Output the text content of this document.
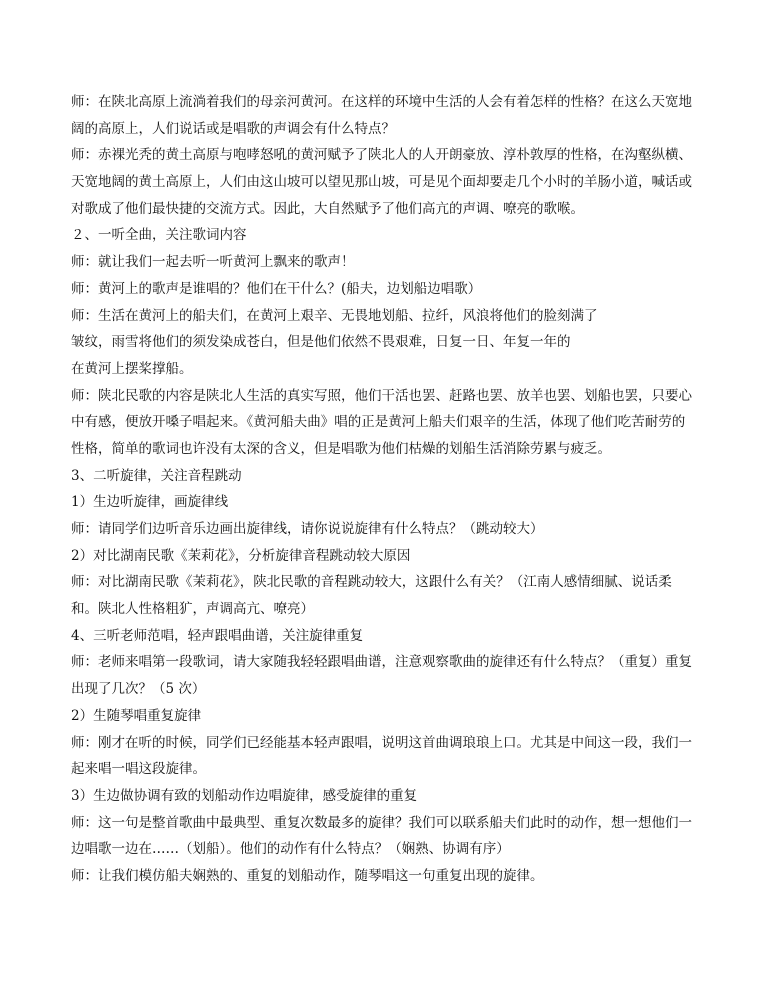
师：在陕北高原上流淌着我们的母亲河黄河。在这样的环境中生活的人会有着怎样的性格？在这么天宽地
阔的高原上，人们说话或是唱歌的声调会有什么特点？
师：赤裸光秃的黄土高原与咆哮怒吼的黄河赋予了陕北人的人开朗豪放、淳朴敦厚的性格，在沟壑纵横、
天宽地阔的黄土高原上，人们由这山坡可以望见那山坡，可是见个面却要走几个小时的羊肠小道，喊话或
对歌成了他们最快捷的交流方式。因此，大自然赋予了他们高亢的声调、嘹亮的歌喉。
２、一听全曲，关注歌词内容
师：就让我们一起去听一听黄河上飘来的歌声！
师：黄河上的歌声是谁唱的？他们在干什么？(船夫，边划船边唱歌）
师：生活在黄河上的船夫们，在黄河上艰辛、无畏地划船、拉纤，风浪将他们的脸刻满了
皱纹，雨雪将他们的须发染成苍白，但是他们依然不畏艰难，日复一日、年复一年的
在黄河上摆桨撑船。
师：陕北民歌的内容是陕北人生活的真实写照，他们干活也罢、赶路也罢、放羊也罢、划船也罢，只要心
中有感，便放开嗓子唱起来。《黄河船夫曲》唱的正是黄河上船夫们艰辛的生活，体现了他们吃苦耐劳的
性格，简单的歌词也许没有太深的含义，但是唱歌为他们枯燥的划船生活消除劳累与疲乏。
3、二听旋律，关注音程跳动
1）生边听旋律，画旋律线
师：请同学们边听音乐边画出旋律线，请你说说旋律有什么特点？（跳动较大）
2）对比湖南民歌《茉莉花》，分析旋律音程跳动较大原因
师：对比湖南民歌《茉莉花》，陕北民歌的音程跳动较大，这跟什么有关？（江南人感情细腻、说话柔
和。陕北人性格粗犷，声调高亢、嘹亮）
4、三听老师范唱，轻声跟唱曲谱，关注旋律重复
师：老师来唱第一段歌词，请大家随我轻轻跟唱曲谱，注意观察歌曲的旋律还有什么特点？（重复）重复
出现了几次？（5 次）
2）生随琴唱重复旋律
师：刚才在听的时候，同学们已经能基本轻声跟唱，说明这首曲调琅琅上口。尤其是中间这一段，我们一
起来唱一唱这段旋律。
3）生边做协调有致的划船动作边唱旋律，感受旋律的重复
师：这一句是整首歌曲中最典型、重复次数最多的旋律？我们可以联系船夫们此时的动作，想一想他们一
边唱歌一边在……（划船）。他们的动作有什么特点？（娴熟、协调有序）
师：让我们模仿船夫娴熟的、重复的划船动作，随琴唱这一句重复出现的旋律。
